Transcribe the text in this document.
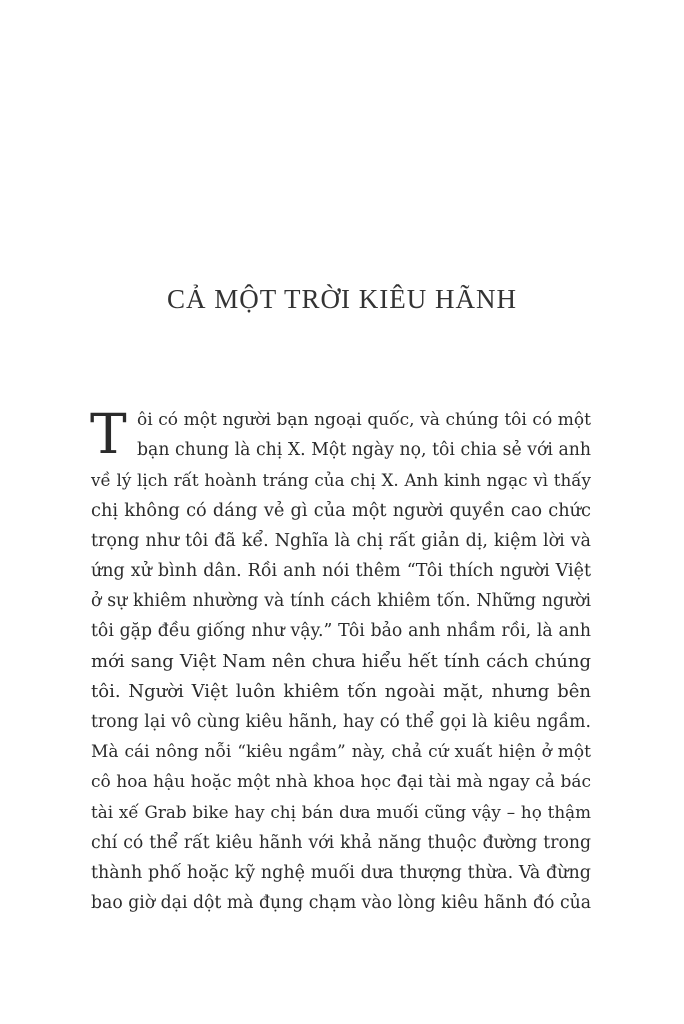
CẢ MỘT TRỜI KIÊU HÃNH
T ôi có một người bạn ngoại quốc, và chúng tôi có một
bạn chung là chị X. Một ngày nọ, tôi chia sẻ với anh
về lý lịch rất hoành tráng của chị X. Anh kinh ngạc vì thấy
chị không có dáng vẻ gì của một người quyền cao chức
trọng như tôi đã kể. Nghĩa là chị rất giản dị, kiệm lời và
ứng xử bình dân. Rồi anh nói thêm “Tôi thích người Việt
ở sự khiêm nhường và tính cách khiêm tốn. Những người
tôi gặp đều giống như vậy.” Tôi bảo anh nhầm rồi, là anh
mới sang Việt Nam nên chưa hiểu hết tính cách chúng
tôi. Người Việt luôn khiêm tốn ngoài mặt, nhưng bên
trong lại vô cùng kiêu hãnh, hay có thể gọi là kiêu ngầm.
Mà cái nông nỗi “kiêu ngầm” này, chả cứ xuất hiện ở một
cô hoa hậu hoặc một nhà khoa học đại tài mà ngay cả bác
tài xế Grab bike hay chị bán dưa muối cũng vậy – họ thậm
chí có thể rất kiêu hãnh với khả năng thuộc đường trong
thành phố hoặc kỹ nghệ muối dưa thượng thừa. Và đừng
bao giờ dại dột mà đụng chạm vào lòng kiêu hãnh đó của
